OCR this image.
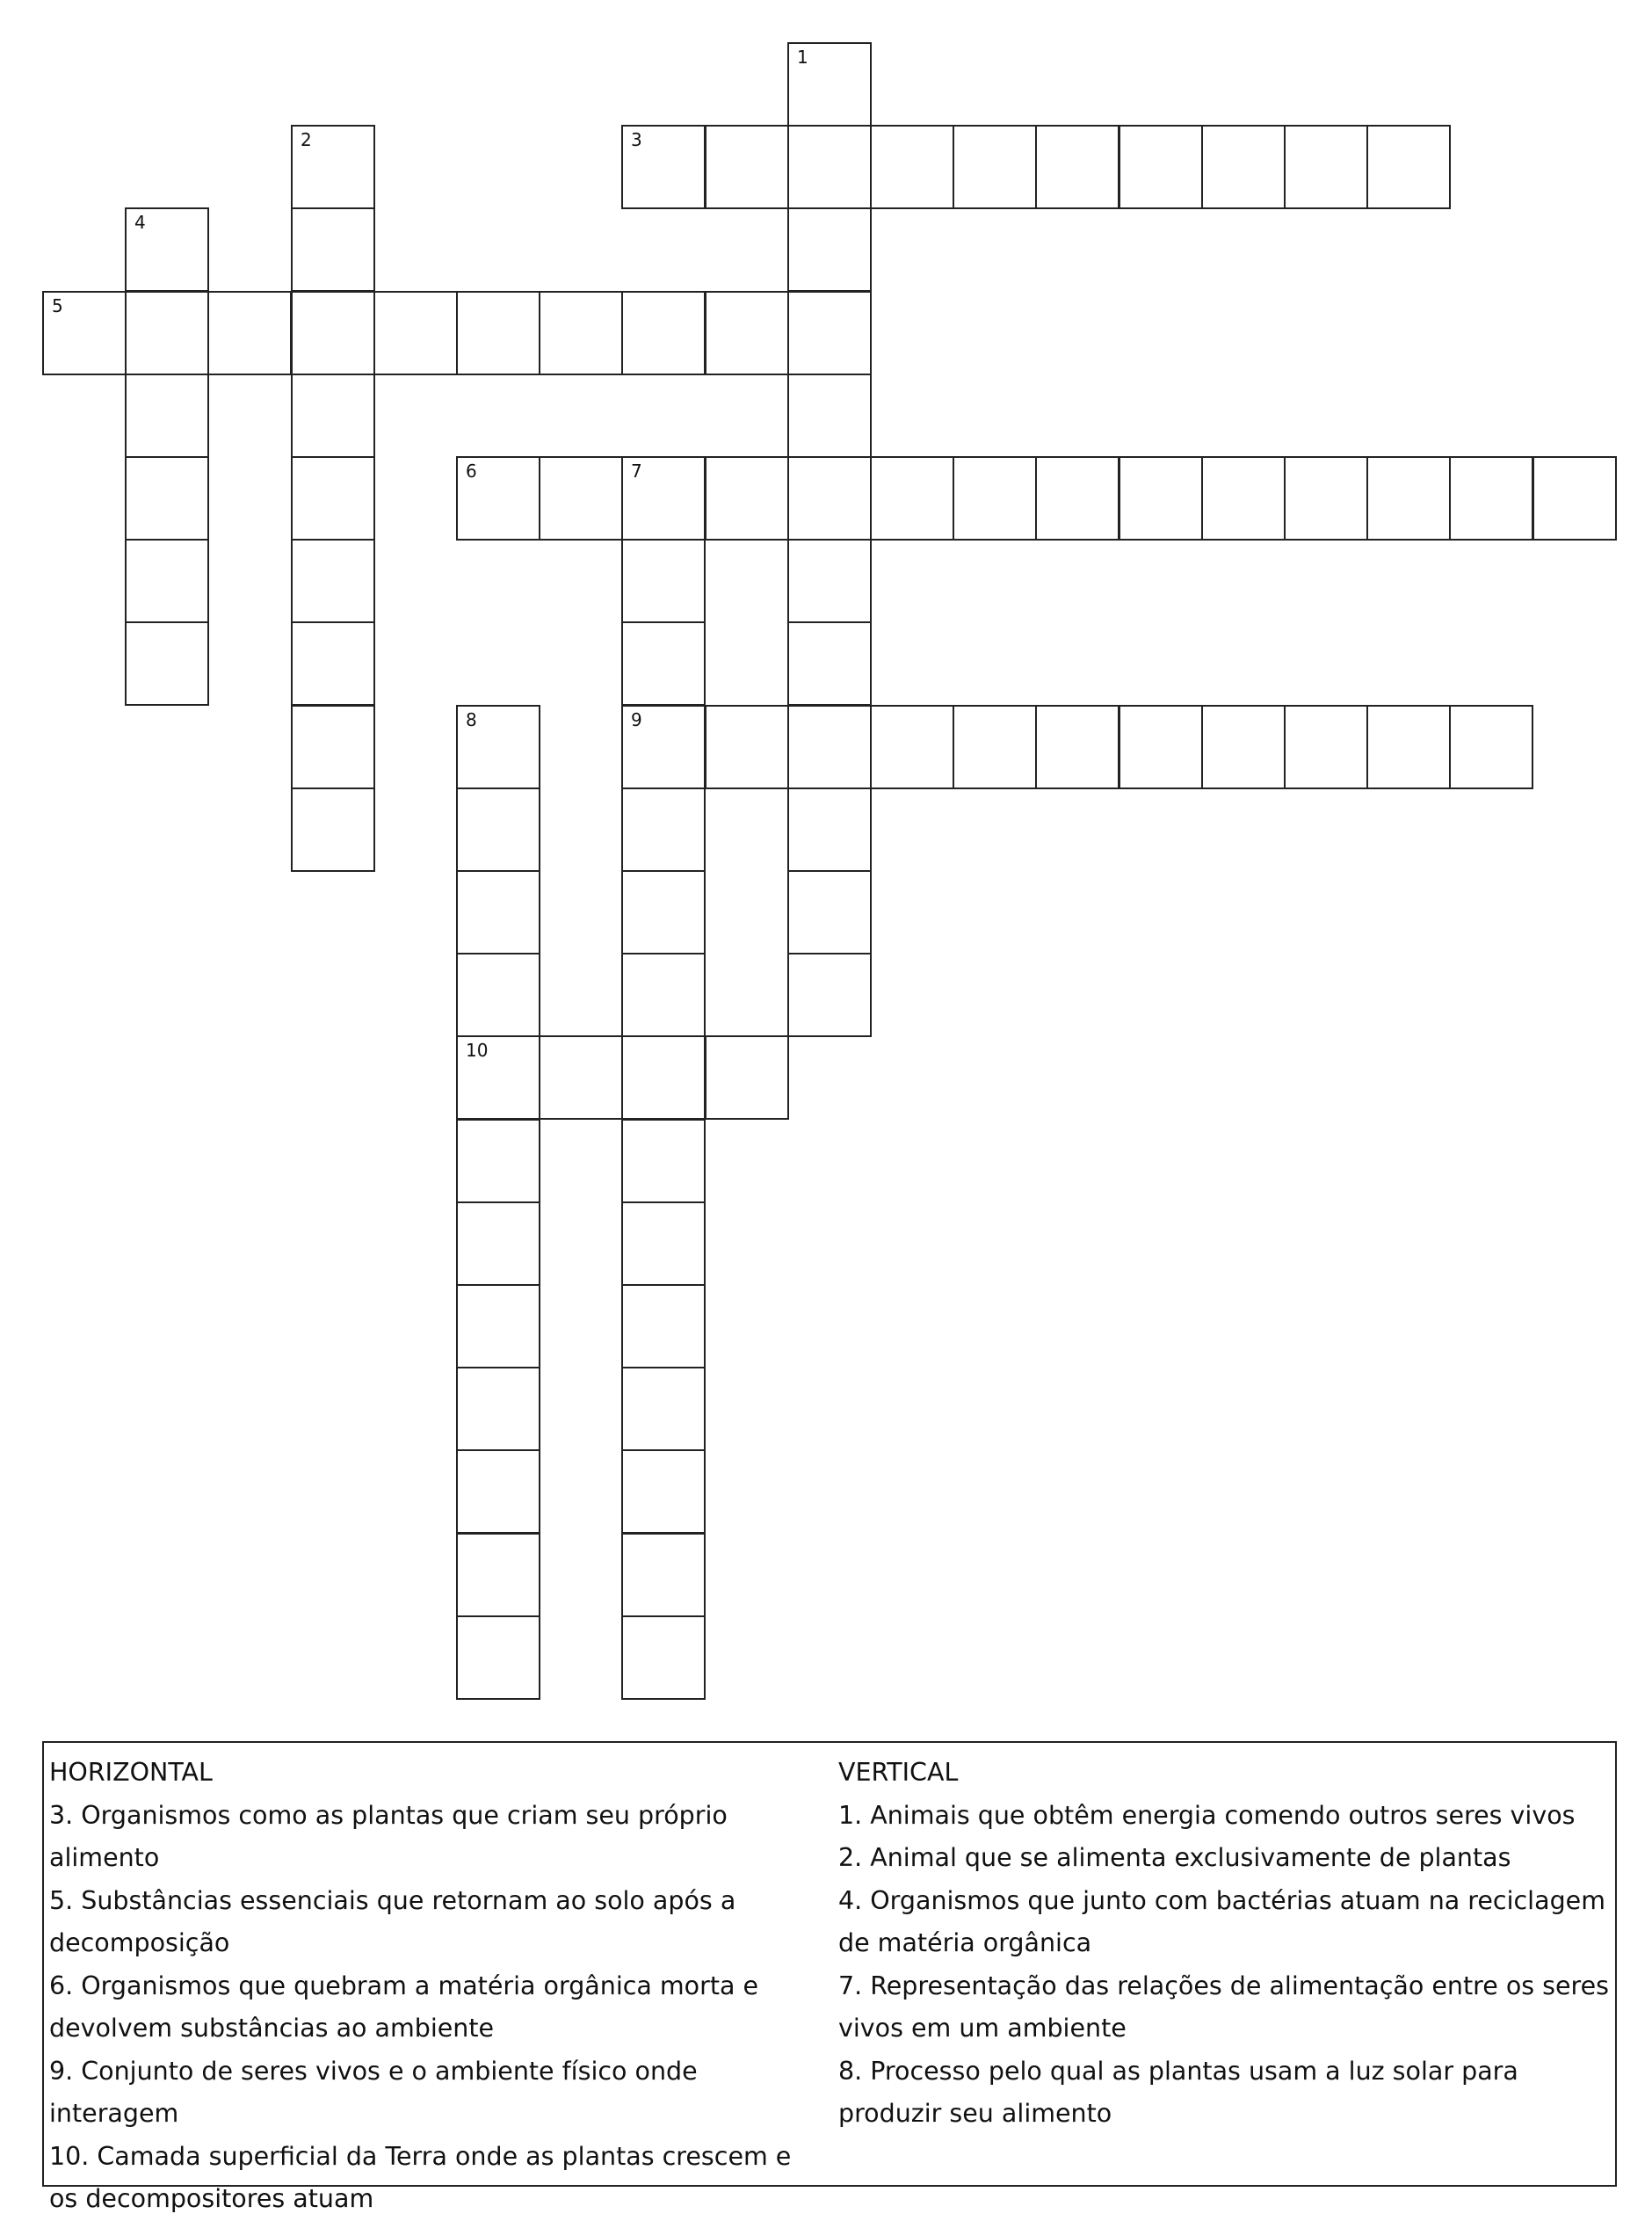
1
2	3
4
5
6	7
9
8
10
HORIZONTAL
3. Organismos como as plantas que criam seu próprio alimento
5. Substâncias essenciais que retornam ao solo após a decomposição
6. Organismos que quebram a matéria orgânica morta e devolvem substâncias ao ambiente
9. Conjunto de seres vivos e o ambiente físico onde interagem
10. Camada superficial da Terra onde as plantas crescem e os decompositores atuam
VERTICAL
1. Animais que obtêm energia comendo outros seres vivos
2. Animal que se alimenta exclusivamente de plantas
4. Organismos que junto com bactérias atuam na reciclagem de matéria orgânica
7. Representação das relações de alimentação entre os seres vivos em um ambiente
8. Processo pelo qual as plantas usam a luz solar para produzir seu alimento
